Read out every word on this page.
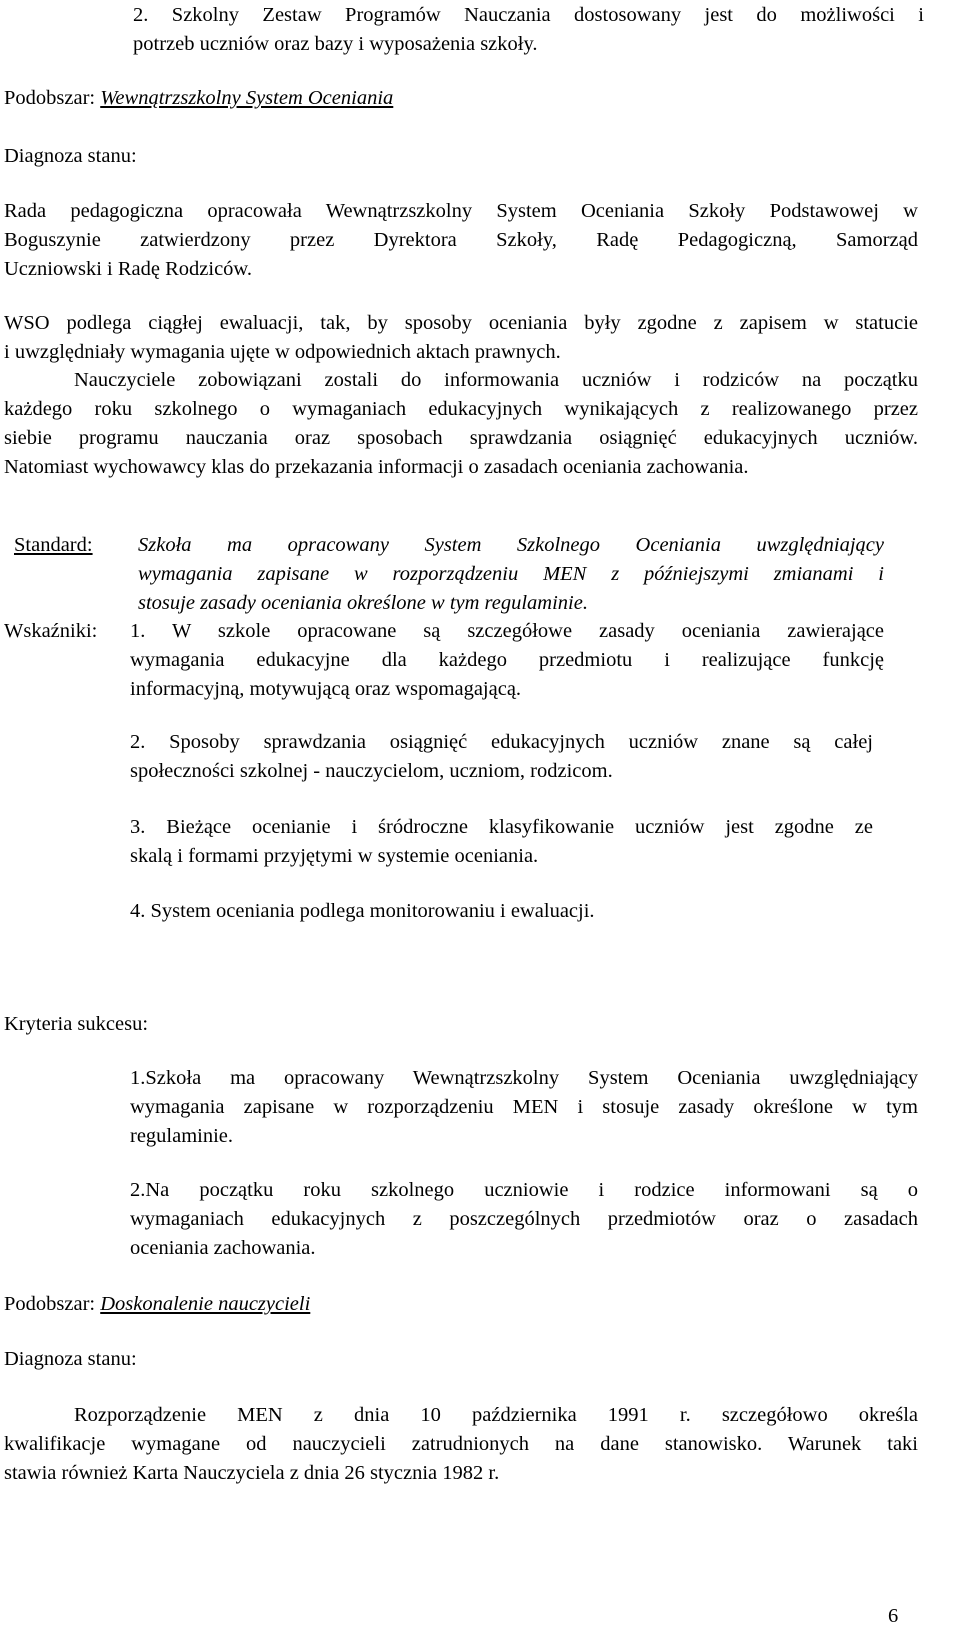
2. Szkolny Zestaw Programów Nauczania dostosowany jest do możliwości i

potrzeb uczniów oraz bazy i wyposażenia szkoły.

Podobszar: Wewnątrzszkolny System Oceniania

Diagnoza stanu:

Rada pedagogiczna opracowała Wewnątrzszkolny System Oceniania Szkoły Podstawowej w

Boguszynie zatwierdzony przez Dyrektora Szkoły, Radę Pedagogiczną, Samorząd

Uczniowski i Radę Rodziców.

WSO podlega ciągłej ewaluacji, tak, by sposoby oceniania były zgodne z zapisem w statucie

i uwzględniały wymagania ujęte w odpowiednich aktach prawnych.

Nauczyciele zobowiązani zostali do informowania uczniów i rodziców na początku

każdego roku szkolnego o wymaganiach edukacyjnych wynikających z realizowanego przez

siebie programu nauczania oraz sposobach sprawdzania osiągnięć edukacyjnych uczniów.

Natomiast wychowawcy klas do przekazania informacji o zasadach oceniania zachowania.

Standard: Szkoła ma opracowany System Szkolnego Oceniania uwzględniający

wymagania zapisane w rozporządzeniu MEN z późniejszymi zmianami i

stosuje zasady oceniania określone w tym regulaminie.

Wskaźniki: 1. W szkole opracowane są szczegółowe zasady oceniania zawierające

wymagania edukacyjne dla każdego przedmiotu i realizujące funkcję

informacyjną, motywującą oraz wspomagającą.

2. Sposoby sprawdzania osiągnięć edukacyjnych uczniów znane są całej

społeczności szkolnej - nauczycielom, uczniom, rodzicom.

3. Bieżące ocenianie i śródroczne klasyfikowanie uczniów jest zgodne ze

skalą i formami przyjętymi w systemie oceniania.

4. System oceniania podlega monitorowaniu i ewaluacji.

Kryteria sukcesu:

1.Szkoła ma opracowany Wewnątrzszkolny System Oceniania uwzględniający

wymagania zapisane w rozporządzeniu MEN i stosuje zasady określone w tym

regulaminie.

2.Na początku roku szkolnego uczniowie i rodzice informowani są o

wymaganiach edukacyjnych z poszczególnych przedmiotów oraz o zasadach

oceniania zachowania.

Podobszar: Doskonalenie nauczycieli

Diagnoza stanu:

Rozporządzenie MEN z dnia 10 października 1991 r. szczegółowo określa

kwalifikacje wymagane od nauczycieli zatrudnionych na dane stanowisko. Warunek taki

stawia również Karta Nauczyciela z dnia 26 stycznia 1982 r.

6
